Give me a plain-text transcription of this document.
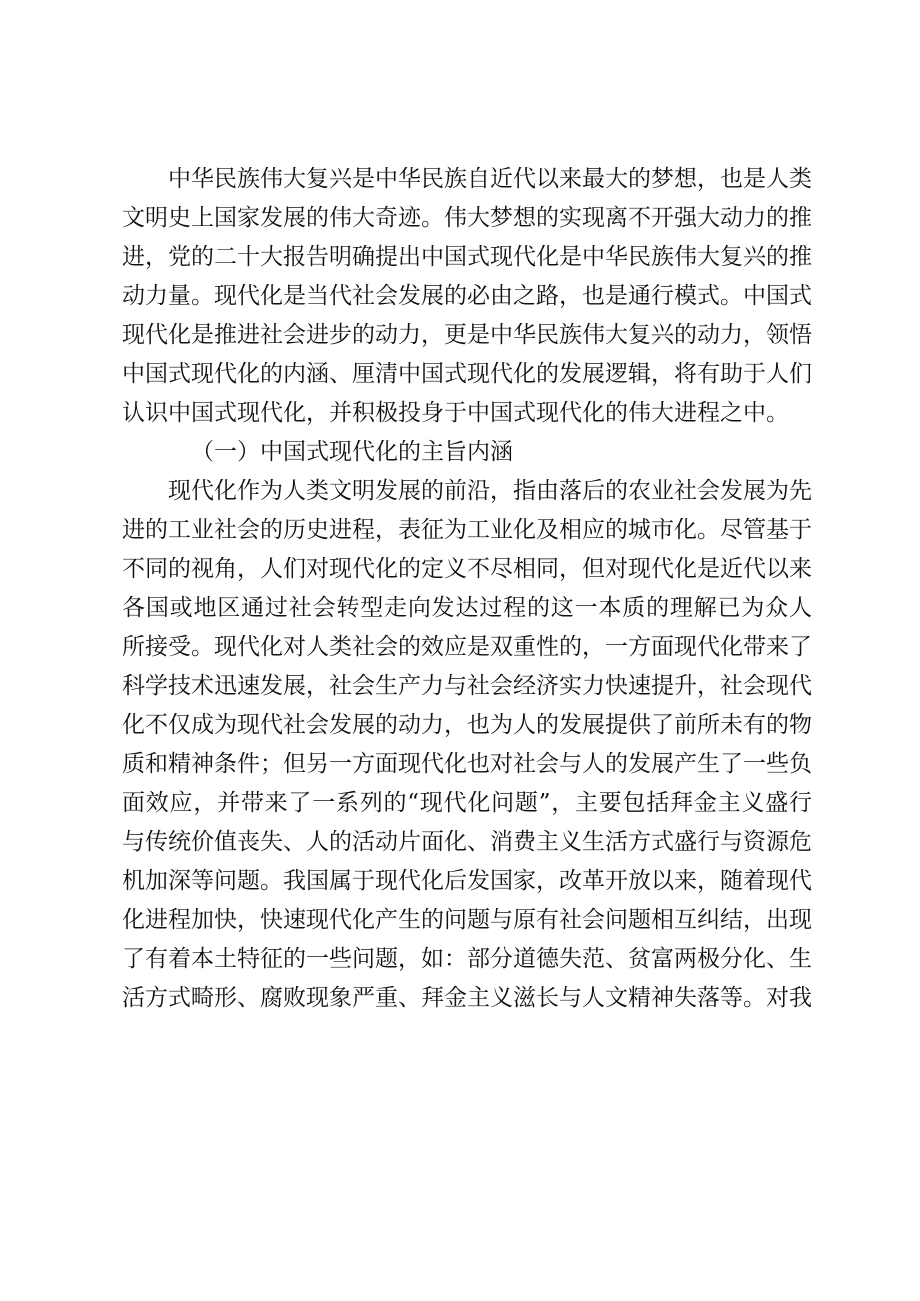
中华民族伟大复兴是中华民族自近代以来最大的梦想，也是人类
文明史上国家发展的伟大奇迹。伟大梦想的实现离不开强大动力的推
进，党的二十大报告明确提出中国式现代化是中华民族伟大复兴的推
动力量。现代化是当代社会发展的必由之路，也是通行模式。中国式
现代化是推进社会进步的动力，更是中华民族伟大复兴的动力，领悟
中国式现代化的内涵、厘清中国式现代化的发展逻辑，将有助于人们
认识中国式现代化，并积极投身于中国式现代化的伟大进程之中。
（一）中国式现代化的主旨内涵
现代化作为人类文明发展的前沿，指由落后的农业社会发展为先
进的工业社会的历史进程，表征为工业化及相应的城市化。尽管基于
不同的视角，人们对现代化的定义不尽相同，但对现代化是近代以来
各国或地区通过社会转型走向发达过程的这一本质的理解已为众人
所接受。现代化对人类社会的效应是双重性的，一方面现代化带来了
科学技术迅速发展，社会生产力与社会经济实力快速提升，社会现代
化不仅成为现代社会发展的动力，也为人的发展提供了前所未有的物
质和精神条件；但另一方面现代化也对社会与人的发展产生了一些负
面效应，并带来了一系列的“现代化问题”，主要包括拜金主义盛行
与传统价值丧失、人的活动片面化、消费主义生活方式盛行与资源危
机加深等问题。我国属于现代化后发国家，改革开放以来，随着现代
化进程加快，快速现代化产生的问题与原有社会问题相互纠结，出现
了有着本土特征的一些问题，如：部分道德失范、贫富两极分化、生
活方式畸形、腐败现象严重、拜金主义滋长与人文精神失落等。对我
